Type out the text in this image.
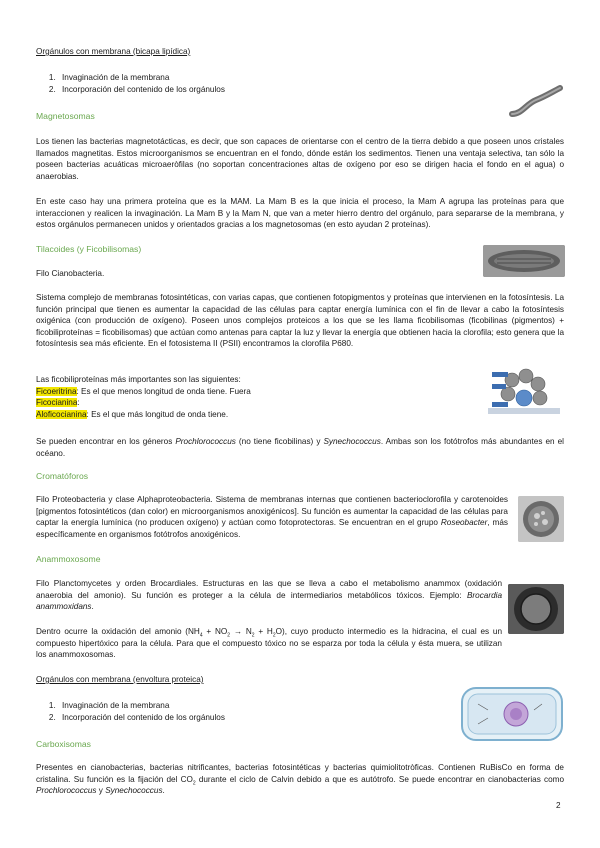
Orgánulos con membrana (bicapa lipídica)
1. Invaginación de la membrana
2. Incorporación del contenido de los orgánulos
Magnetosomas
Los tienen las bacterias magnetotácticas, es decir, que son capaces de orientarse con el centro de la tierra debido a que poseen unos cristales llamados magnetitas. Estos microorganismos se encuentran en el fondo, dónde están los sedimentos. Tienen una ventaja selectiva, tan sólo la poseen bacterias acuáticas microaeròfilas (no soportan concentraciones altas de oxígeno por eso se dirigen hacia el fondo en el agua) o anaerobias.
En este caso hay una primera proteína que es la MAM. La Mam B es la que inicia el proceso, la Mam A agrupa las proteínas para que interaccionen y realicen la invaginación. La Mam B y la Mam N, que van a meter hierro dentro del orgánulo, para separarse de la membrana, y estos orgánulos permanecen unidos y orientados gracias a los magnetosomas (en esto ayudan 2 proteínas).
Tilacoides (y Ficobilisomas)
Filo Cianobacteria.
Sistema complejo de membranas fotosintéticas, con varias capas, que contienen fotopigmentos y proteínas que intervienen en la fotosíntesis. La función principal que tienen es aumentar la capacidad de las células para captar energía lumínica con el fin de llevar a cabo la fotosíntesis oxigénica (con producción de oxígeno). Poseen unos complejos proteicos a los que se les llama ficobilisomas (ficobilinas (pigmentos) + ficobiliproteínas = ficobilisomas) que actúan como antenas para captar la luz y llevar la energía que obtienen hacia la clorofila; esto genera que la fotosíntesis sea más eficiente. En el fotosistema II (PSII) encontramos la clorofila P680.
Las ficobiliproteínas más importantes son las siguientes:
Ficoeritrina: Es el que menos longitud de onda tiene. Fuera
Ficocianina:
Aloficocianina: Es el que más longitud de onda tiene.
Se pueden encontrar en los géneros Prochlorococcus (no tiene ficobilinas) y Synechococcus. Ambas son los fotótrofos más abundantes en el océano.
Cromatóforos
Filo Proteobacteria y clase Alphaproteobacteria. Sistema de membranas internas que contienen bacterioclorofila y carotenoides [pigmentos fotosintéticos (dan color) en microorganismos anoxigénicos]. Su función es aumentar la capacidad de las células para captar la energía lumínica (no producen oxígeno) y actúan como fotoprotectoras. Se encuentran en el grupo Roseobacter, más específicamente en organismos fotótrofos anoxigénicos.
Anammoxosome
Filo Planctomycetes y orden Brocardiales. Estructuras en las que se lleva a cabo el metabolismo anammox (oxidación anaerobia del amonio). Su función es proteger a la célula de intermediarios metabólicos tóxicos. Ejemplo: Brocardia anammoxidans.
Dentro ocurre la oxidación del amonio $(NH_4 + NO_2 \to N_2 + H_2O)$, cuyo producto intermedio es la hidracina, el cual es un compuesto hipertóxico para la célula. Para que el compuesto tóxico no se esparza por toda la célula y ésta muera, se utilizan los anammoxosomas.
Orgánulos con membrana (envoltura proteica)
1. Invaginación de la membrana
2. Incorporación del contenido de los orgánulos
Carboxisomas
Presentes en cianobacterias, bacterias nitrificantes, bacterias fotosintéticas y bacterias quimiolitotròficas. Contienen RuBisCo en forma de cristalina. Su función es la fijación del $CO_2$ durante el ciclo de Calvin debido a que es autótrofo. Se puede encontrar en cianobacterias como Prochlorococcus y Synechococcus.
2
